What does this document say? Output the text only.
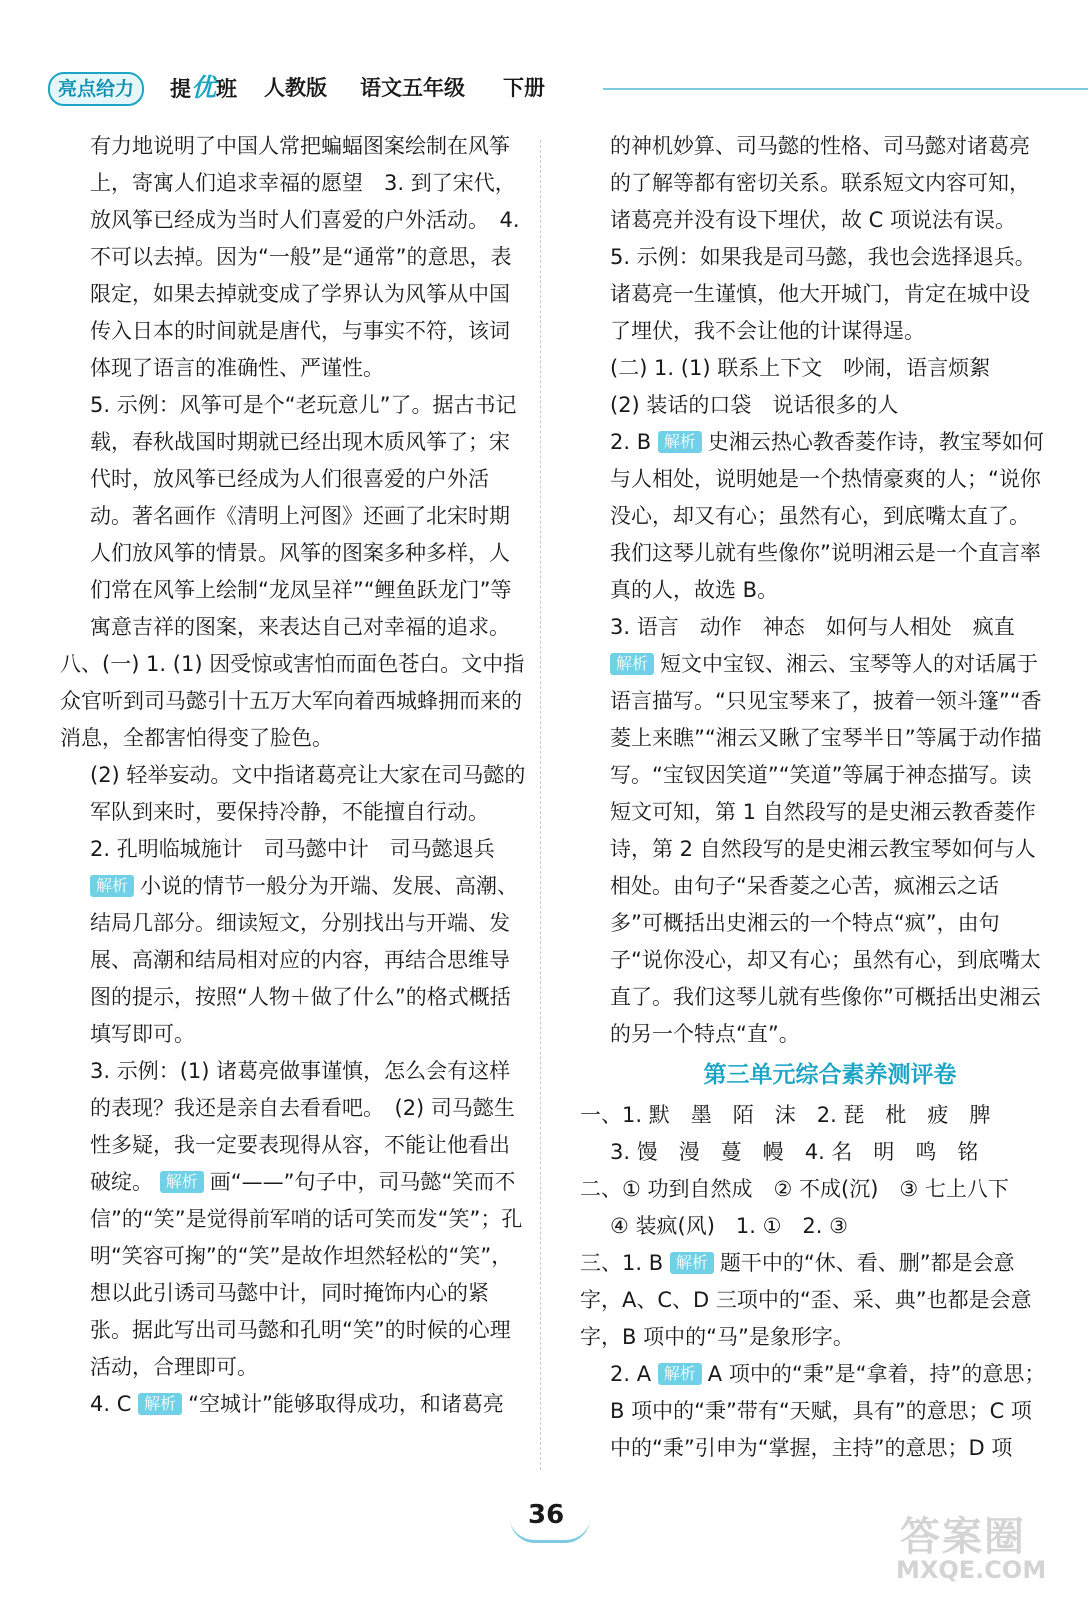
亮点给力	提优班 人教版 语文五年级 下册

有力地说明了中国人常把蝙蝠图案绘制在风筝上，寄寓人们追求幸福的愿望　3. 到了宋代，放风筝已经成为当时人们喜爱的户外活动。　4. 不可以去掉。因为“一般”是“通常”的意思，表限定，如果去掉就变成了学界认为风筝从中国传入日本的时间就是唐代，与事实不符，该词体现了语言的准确性、严谨性。

5. 示例：风筝可是个“老玩意儿”了。据古书记载，春秋战国时期就已经出现木质风筝了；宋代时，放风筝已经成为人们很喜爱的户外活动。著名画作《清明上河图》还画了北宋时期人们放风筝的情景。风筝的图案多种多样，人们常在风筝上绘制“龙凤呈祥”“鲤鱼跃龙门”等寓意吉祥的图案，来表达自己对幸福的追求。

八、(一) 1. (1) 因受惊或害怕而面色苍白。文中指众官听到司马懿引十五万大军向着西城蜂拥而来的消息，全都害怕得变了脸色。

(2) 轻举妄动。文中指诸葛亮让大家在司马懿的军队到来时，要保持冷静，不能擅自行动。

2. 孔明临城施计　司马懿中计　司马懿退兵

解析 小说的情节一般分为开端、发展、高潮、结局几部分。细读短文，分别找出与开端、发展、高潮和结局相对应的内容，再结合思维导图的提示，按照“人物＋做了什么”的格式概括填写即可。

3. 示例：(1) 诸葛亮做事谨慎，怎么会有这样的表现？我还是亲自去看看吧。　(2) 司马懿生性多疑，我一定要表现得从容，不能让他看出破绽。 解析 画“——”句子中，司马懿“笑而不信”的“笑”是觉得前军哨的话可笑而发“笑”；孔明“笑容可掬”的“笑”是故作坦然轻松的“笑”，想以此引诱司马懿中计，同时掩饰内心的紧张。据此写出司马懿和孔明“笑”的时候的心理活动，合理即可。

4. C 解析 “空城计”能够取得成功，和诸葛亮

的神机妙算、司马懿的性格、司马懿对诸葛亮的了解等都有密切关系。联系短文内容可知，诸葛亮并没有设下埋伏，故 C 项说法有误。

5. 示例：如果我是司马懿，我也会选择退兵。诸葛亮一生谨慎，他大开城门，肯定在城中设了埋伏，我不会让他的计谋得逞。

(二) 1. (1) 联系上下文　吵闹，语言烦絮

(2) 装话的口袋　说话很多的人

2. B 解析 史湘云热心教香菱作诗，教宝琴如何与人相处，说明她是一个热情豪爽的人；“说你没心，却又有心；虽然有心，到底嘴太直了。我们这琴儿就有些像你”说明湘云是一个直言率真的人，故选 B。

3. 语言　动作　神态　如何与人相处　疯直 解析 短文中宝钗、湘云、宝琴等人的对话属于语言描写。“只见宝琴来了，披着一领斗篷”“香菱上来瞧”“湘云又瞅了宝琴半日”等属于动作描写。“宝钗因笑道”“笑道”等属于神态描写。读短文可知，第 1 自然段写的是史湘云教香菱作诗，第 2 自然段写的是史湘云教宝琴如何与人相处。由句子“呆香菱之心苦，疯湘云之话多”可概括出史湘云的一个特点“疯”，由句子“说你没心，却又有心；虽然有心，到底嘴太直了。我们这琴儿就有些像你”可概括出史湘云的另一个特点“直”。

第三单元综合素养测评卷

一、1. 默　墨　陌　沫　2. 琵　枇　疲　脾

3. 馒　漫　蔓　幔　4. 名　明　鸣　铭

二、① 功到自然成　② 不成(沉)　③ 七上八下

④ 装疯(风)　1. ①　2. ③

三、1. B 解析 题干中的“休、看、删”都是会意字，A、C、D 三项中的“歪、采、典”也都是会意字，B 项中的“马”是象形字。

2. A 解析 A 项中的“秉”是“拿着，持”的意思；B 项中的“秉”带有“天赋，具有”的意思；C 项中的“秉”引申为“掌握，主持”的意思；D 项

36	答案圈
MXQE.COM
